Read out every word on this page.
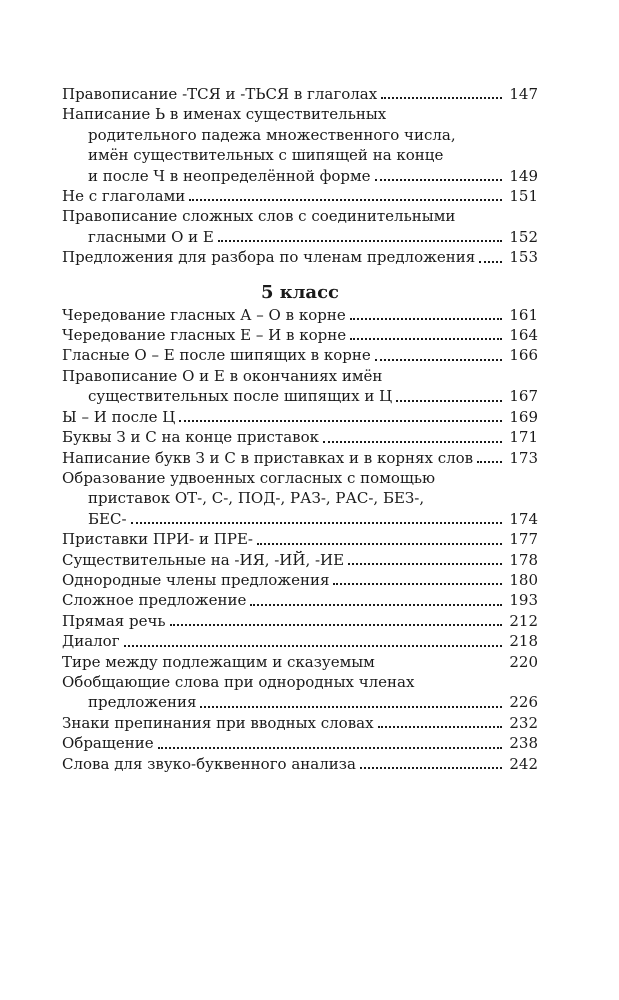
Правописание -ТСЯ и -ТЬСЯ в глаголах	147
Написание Ь в именах существительных
родительного падежа множественного числа,
имён существительных с шипящей на конце
и после Ч в неопределённой форме	149
Не с глаголами	151
Правописание сложных слов с соединительными
гласными О и Е	152
Предложения для разбора по членам предложения 153
5 класс
Чередование гласных А – О в корне	161
Чередование гласных Е – И в корне	164
Гласные О – Е после шипящих в корне	166
Правописание О и Е в окончаниях имён
существительных после шипящих и Ц	167
Ы – И после Ц	169
Буквы З и С на конце приставок	171
Написание букв З и С в приставках и в корнях слов 173
Образование удвоенных согласных с помощью
приставок ОТ-, С-, ПОД-, РАЗ-, РАС-, БЕЗ-,
БЕС-	174
Приставки ПРИ- и ПРЕ-	177
Существительные на -ИЯ, -ИЙ, -ИЕ	178
Однородные члены предложения	180
Сложное предложение	193
Прямая речь	212
Диалог	218
Тире между подлежащим и сказуемым	220
Обобщающие слова при однородных членах
предложения	226
Знаки препинания при вводных словах	232
Обращение	238
Слова для звуко-буквенного анализа	242
